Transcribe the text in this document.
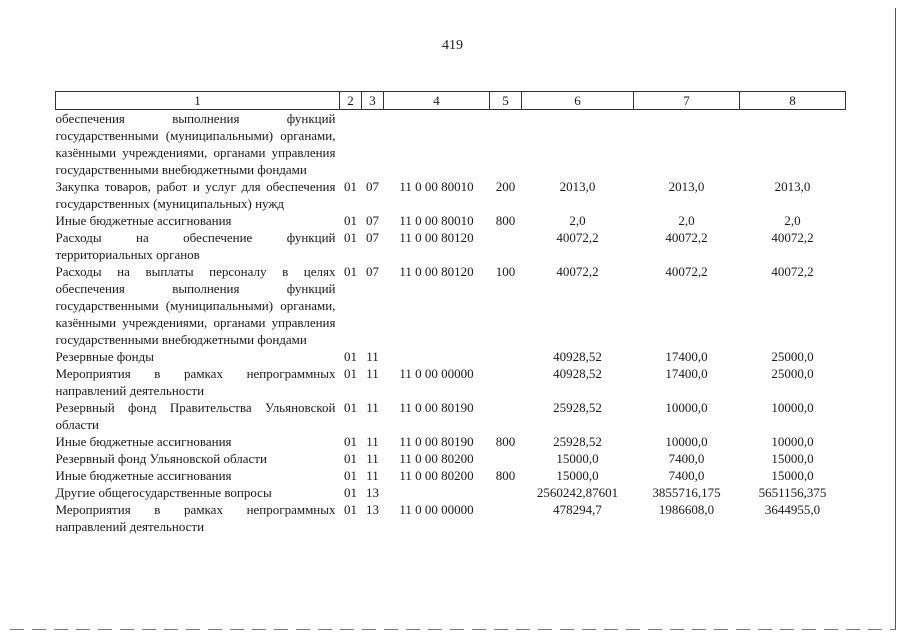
419
1	2	3	4	5	6	7	8
обеспечения выполнения функций государственными (муниципальными) органами, казёнными учреждениями, органами управления государственными внебюджетными фондами							
Закупка товаров, работ и услуг для обеспечения государственных (муниципальных) нужд	01	07	11 0 00 80010	200	2013,0	2013,0	2013,0
Иные бюджетные ассигнования	01	07	11 0 00 80010	800	2,0	2,0	2,0
Расходы на обеспечение функций территориальных органов	01	07	11 0 00 80120		40072,2	40072,2	40072,2
Расходы на выплаты персоналу в целях обеспечения выполнения функций государственными (муниципальными) органами, казёнными учреждениями, органами управления государственными внебюджетными фондами	01	07	11 0 00 80120	100	40072,2	40072,2	40072,2
Резервные фонды	01	11			40928,52	17400,0	25000,0
Мероприятия в рамках непрограммных направлений деятельности	01	11	11 0 00 00000		40928,52	17400,0	25000,0
Резервный фонд Правительства Ульяновской области	01	11	11 0 00 80190		25928,52	10000,0	10000,0
Иные бюджетные ассигнования	01	11	11 0 00 80190	800	25928,52	10000,0	10000,0
Резервный фонд Ульяновской области	01	11	11 0 00 80200		15000,0	7400,0	15000,0
Иные бюджетные ассигнования	01	11	11 0 00 80200	800	15000,0	7400,0	15000,0
Другие общегосударственные вопросы	01	13			2560242,87601	3855716,175	5651156,375
Мероприятия в рамках непрограммных направлений деятельности	01	13	11 0 00 00000		478294,7	1986608,0	3644955,0
